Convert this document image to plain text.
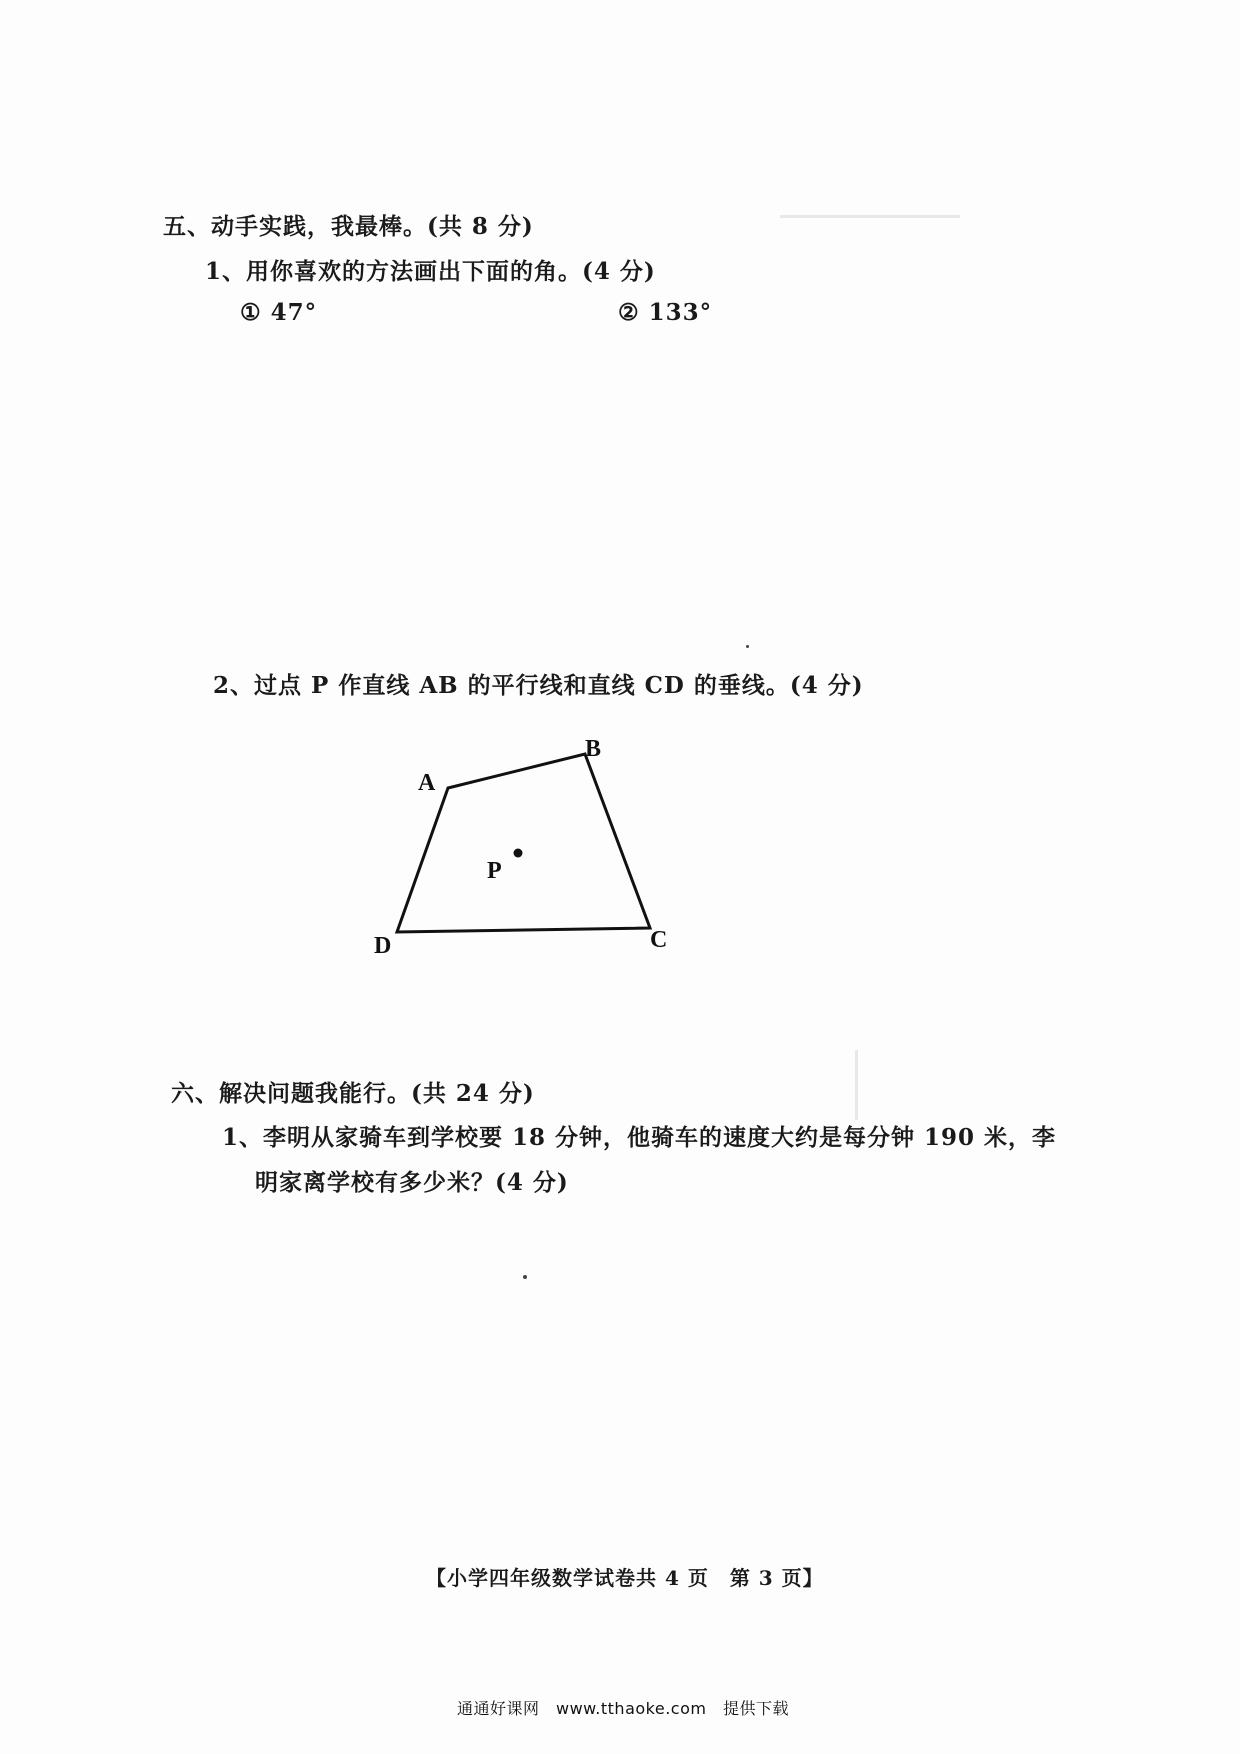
五、动手实践，我最棒。(共 8 分)
1、用你喜欢的方法画出下面的角。(4 分)
① 47°	② 133°
2、过点 P 作直线 AB 的平行线和直线 CD 的垂线。(4 分)
A
B
C
D
P
六、解决问题我能行。(共 24 分)
1、李明从家骑车到学校要 18 分钟，他骑车的速度大约是每分钟 190 米，李
明家离学校有多少米？(4 分)
【小学四年级数学试卷共 4 页　第 3 页】
通通好课网　www.tthaoke.com　提供下载
